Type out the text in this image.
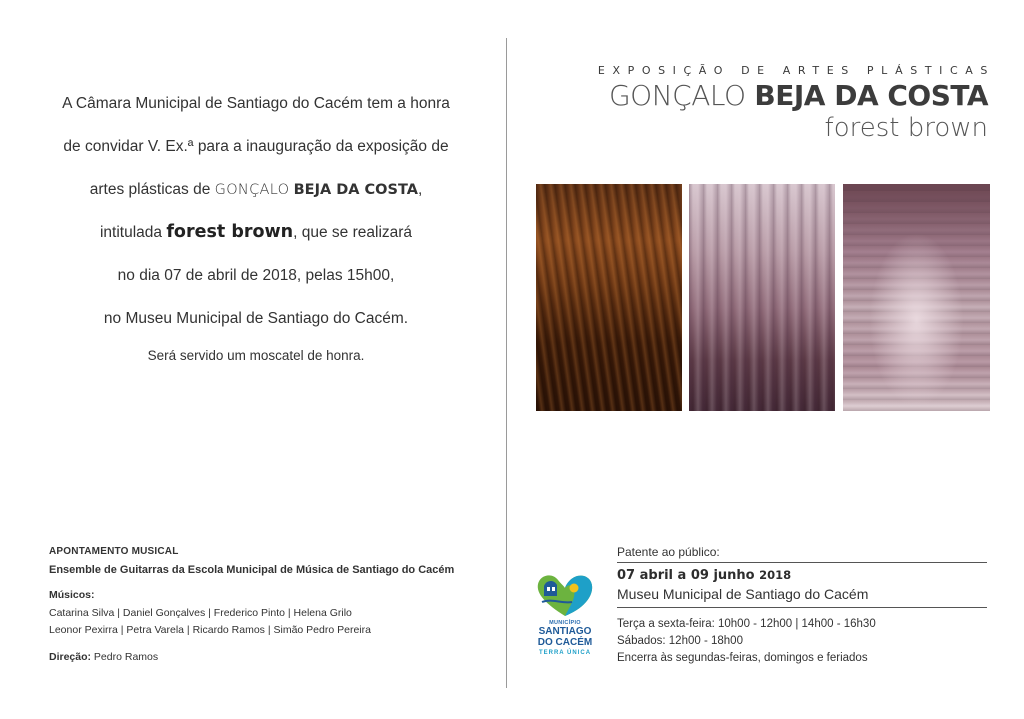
A Câmara Municipal de Santiago do Cacém tem a honra
de convidar V. Ex.ª para a inauguração da exposição de
artes plásticas de GONÇALO BEJA DA COSTA,
intitulada forest brown, que se realizará
no dia 07 de abril de 2018, pelas 15h00,
no Museu Municipal de Santiago do Cacém.
Será servido um moscatel de honra.
APONTAMENTO MUSICAL
Ensemble de Guitarras da Escola Municipal de Música de Santiago do Cacém
Músicos:
Catarina Silva | Daniel Gonçalves | Frederico Pinto | Helena Grilo
Leonor Pexirra | Petra Varela | Ricardo Ramos | Simão Pedro Pereira
Direção: Pedro Ramos
EXPOSIÇÃO DE ARTES PLÁSTICAS
GONÇALO BEJA DA COSTA
forest brown
MUNICÍPIO
SANTIAGO
DO CACÉM
TERRA ÚNICA
Patente ao público:
07 abril a 09 junho 2018
Museu Municipal de Santiago do Cacém
Terça a sexta-feira: 10h00 - 12h00 | 14h00 - 16h30
Sábados: 12h00 - 18h00
Encerra às segundas-feiras, domingos e feriados
